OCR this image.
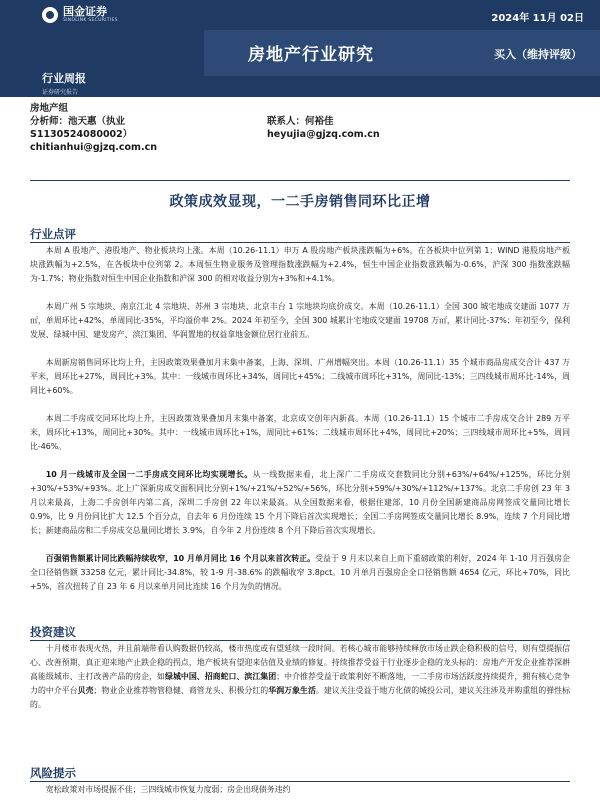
国金证券
SINOLINK SECURITIES	2024年 11月 02日
房地产行业研究	买入（维持评级）
行业周报
证券研究报告
房地产组
分析师：池天惠（执业
S1130524080002）
chitianhui@gjzq.com.cn
联系人：何裕佳
heyujia@gjzq.com.cn
政策成效显现，一二手房销售同环比正增
行业点评
本周 A 股地产、港股地产、物业板块均上涨。本周（10.26-11.1）申万 A 股房地产板块涨跌幅为+6%，在各板块中位列第 1；WIND 港股房地产板块涨跌幅为+2.5%，在各板块中位列第 2。本周恒生物业服务及管理指数涨跌幅为+2.4%，恒生中国企业指数涨跌幅为-0.6%，沪深 300 指数涨跌幅为-1.7%；物业指数对恒生中国企业指数和沪深 300 的相对收益分别为+3%和+4.1%。
本周广州 5 宗地块、南京江北 4 宗地块、苏州 3 宗地块、北京丰台 1 宗地块均底价成交。本周（10.26-11.1）全国 300 城宅地成交建面 1077 万㎡，单周环比+42%，单周同比-35%，平均溢价率 2%。2024 年初至今，全国 300 城累计宅地成交建面 19708 万㎡，累计同比-37%；年初至今，保利发展、绿城中国、建发房产、滨江集团、华润置地的权益拿地金额位居行业前五。
本周新房销售同环比均上升，主因政策效果叠加月末集中备案，上海、深圳、广州增幅突出。本周（10.26-11.1）35 个城市商品房成交合计 437 万平米，周环比+27%，周同比+3%。其中：一线城市周环比+34%，周同比+45%；二线城市周环比+31%，周同比-13%；三四线城市周环比-14%，周同比+60%。
本周二手房成交同环比均上升，主因政策效果叠加月末集中备案，北京成交创年内新高。本周（10.26-11.1）15 个城市二手房成交合计 289 万平米，周环比+13%，周同比+30%。其中：一线城市周环比+1%，周同比+61%；二线城市周环比+4%，周同比+20%；三四线城市周环比+5%，周同比-46%。
10 月一线城市及全国一二手房成交同环比均实现增长。从一线数据来看，北上深广二手房成交套数同比分别+63%/+64%/+125%，环比分别+30%/+53%/+93%。北上广深新房成交面积同比分别+1%/+21%/+52%/+56%，环比分别+59%/+30%/+112%/+137%。北京二手房创 23 年 3 月以来最高，上海二手房创年内第二高，深圳二手房创 22 年以来最高。从全国数据来看，根据住建部，10 月份全国新建商品房网签成交量同比增长 0.9%，比 9 月份同比扩大 12.5 个百分点，自去年 6 月份连续 15 个月下降后首次实现增长；全国二手房网签成交量同比增长 8.9%，连续 7 个月同比增长；新建商品房和二手房成交总量同比增长 3.9%，自今年 2 月份连续 8 个月下降后首次实现增长。
百强销售额累计同比跌幅持续收窄，10 月单月同比 16 个月以来首次转正。受益于 9 月末以来自上而下重磅政策的利好，2024 年 1-10 月百强房企全口径销售额 33258 亿元，累计同比-34.8%，较 1-9 月-38.6% 的跌幅收窄 3.8pct。10 月单月百强房企全口径销售额 4654 亿元，环比+70%，同比+5%，首次扭转了自 23 年 6 月以来单月同比连续 16 个月为负的情况。
投资建议
十月楼市表现火热，并且前端带看认购数据仍较高，楼市热度或有望延续一段时间。若核心城市能够持续释放市场止跌企稳积极的信号，则有望提振信心、改善预期，真正迎来地产止跌企稳的拐点，地产板块有望迎来估值及业绩的修复。持续推荐受益于行业逐步企稳的龙头标的：房地产开发企业推荐深耕高能级城市、主打改善产品的房企，如绿城中国、招商蛇口、滨江集团；中介推荐受益于政策利好不断落地，一二手房市场活跃度持续提升，拥有核心竞争力的中介平台贝壳；物业企业推荐物管稳健、商管龙头、积极分红的华润万象生活。建议关注受益于地方化债的城投公司，建议关注涉及并购重组的弹性标的。
风险提示
宽松政策对市场提振不佳；三四线城市恢复力度弱；房企出现债务违约
